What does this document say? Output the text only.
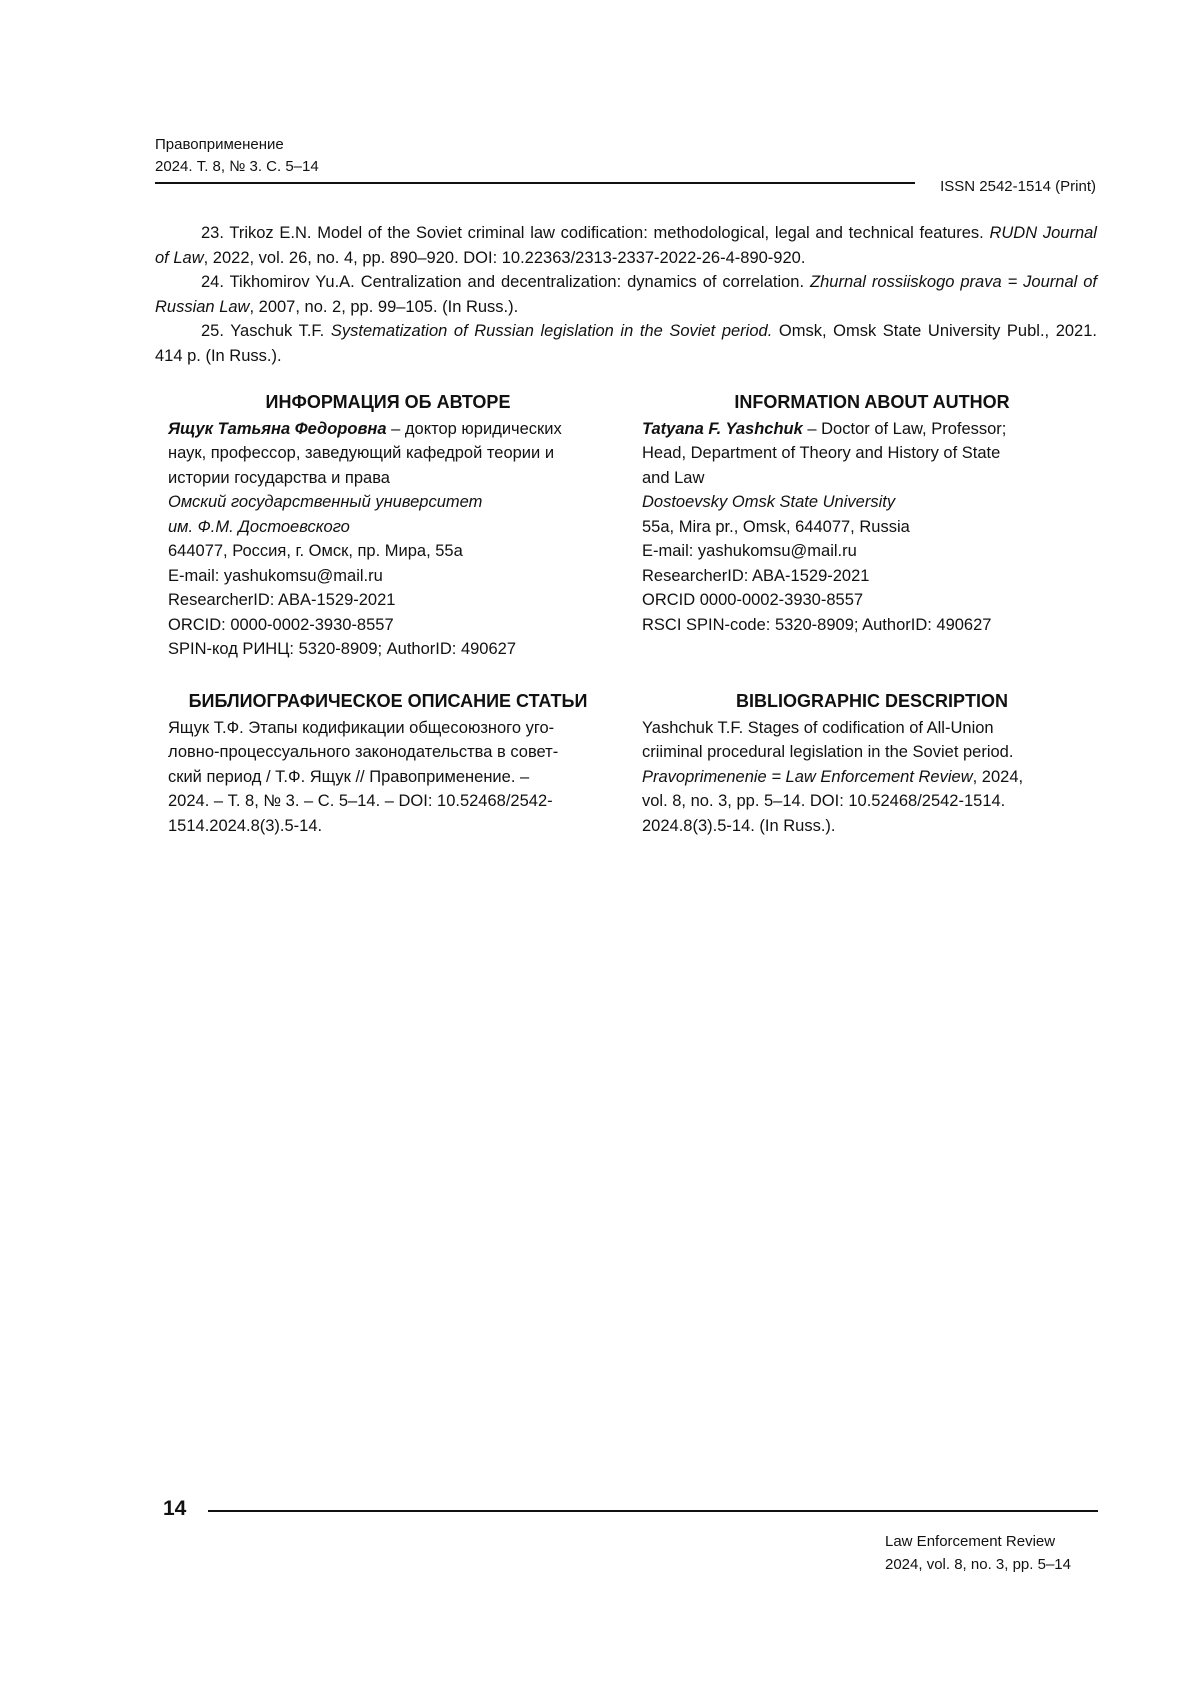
Правоприменение
2024. Т. 8, № 3. С. 5–14
ISSN 2542-1514 (Print)

23. Trikoz E.N. Model of the Soviet criminal law codification: methodological, legal and technical features. RUDN Journal of Law, 2022, vol. 26, no. 4, pp. 890–920. DOI: 10.22363/2313-2337-2022-26-4-890-920.

24. Tikhomirov Yu.A. Centralization and decentralization: dynamics of correlation. Zhurnal rossiiskogo prava = Journal of Russian Law, 2007, no. 2, pp. 99–105. (In Russ.).

25. Yaschuk T.F. Systematization of Russian legislation in the Soviet period. Omsk, Omsk State University Publ., 2021. 414 p. (In Russ.).

ИНФОРМАЦИЯ ОБ АВТОРЕ
Ящук Татьяна Федоровна – доктор юридических
наук, профессор, заведующий кафедрой теории и
истории государства и права
Омский государственный университет
им. Ф.М. Достоевского
644077, Россия, г. Омск, пр. Мира, 55а
E-mail: yashukomsu@mail.ru
ResearcherID: ABA-1529-2021
ORCID: 0000-0002-3930-8557
SPIN-код РИНЦ: 5320-8909; AuthorID: 490627
INFORMATION ABOUT AUTHOR
Tatyana F. Yashchuk – Doctor of Law, Professor;
Head, Department of Theory and History of State
and Law
Dostoevsky Omsk State University
55a, Mira pr., Omsk, 644077, Russia
E-mail: yashukomsu@mail.ru
ResearcherID: ABA-1529-2021
ORCID 0000-0002-3930-8557
RSCI SPIN-code: 5320-8909; AuthorID: 490627
БИБЛИОГРАФИЧЕСКОЕ ОПИСАНИЕ СТАТЬИ
Ящук Т.Ф. Этапы кодификации общесоюзного уго-
ловно-процессуального законодательства в совет-
ский период / Т.Ф. Ящук // Правоприменение. –
2024. – Т. 8, № 3. – С. 5–14. – DOI: 10.52468/2542-
1514.2024.8(3).5-14.
BIBLIOGRAPHIC DESCRIPTION
Yashchuk T.F. Stages of codification of All-Union
criiminal procedural legislation in the Soviet period.
Pravoprimenenie = Law Enforcement Review, 2024,
vol. 8, no. 3, pp. 5–14. DOI: 10.52468/2542-1514.
2024.8(3).5-14. (In Russ.).
14
Law Enforcement Review
2024, vol. 8, no. 3, pp. 5–14
